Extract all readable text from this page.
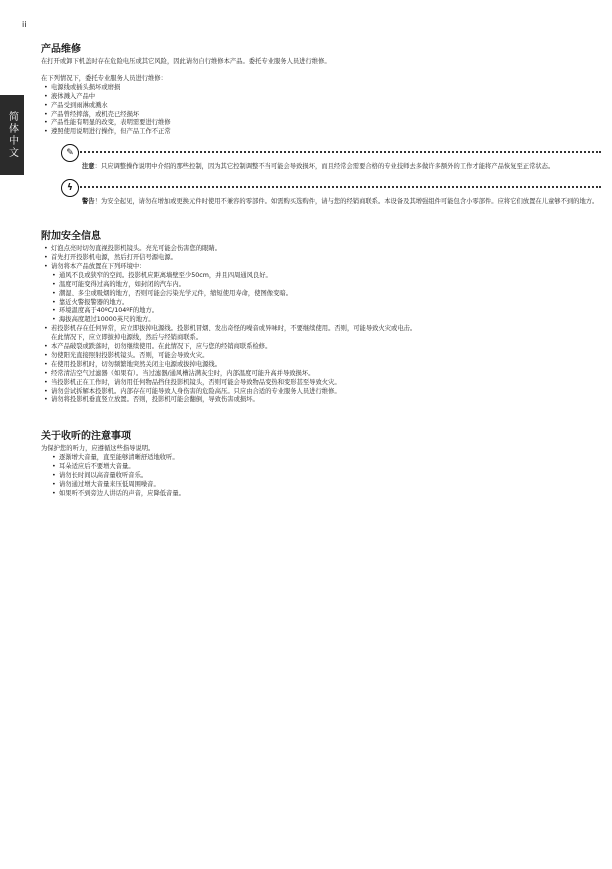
ii
简体中文
产品维修

在打开或卸下机盖时存在危险电压或其它风险，因此请勿自行维修本产品。委托专业服务人员进行维修。

在下列情况下，委托专业服务人员进行维修：

• 电源线或插头损坏或磨损
• 液体溅入产品中
• 产品受到雨淋或溅水
• 产品曾经摔落，或机壳已经损坏
• 产品性能有明显的改变，表明需要进行维修
• 遵照使用说明进行操作，但产品工作不正常
✎

注意：只应调整操作说明中介绍的那些控制，因为其它控制调整不当可能会导致损坏，而且经常会需要合格的专业技师去多做许多额外的工作才能将产品恢复至正常状态。

ϟ

警告！为安全起见，请勿在增加或更换元件时使用不兼容的零部件。如需购买选购件，请与您的经销商联系。本设备及其增强组件可能包含小零部件。应将它们放置在儿童够不到的地方。

附加安全信息
• 灯泡点亮时切勿直视投影机镜头。亮光可能会伤害您的眼睛。
• 首先打开投影机电源，然后打开信号源电源。
• 请勿将本产品放置在下列环境中：
• 通风不良或狭窄的空间。投影机应距离墙壁至少50cm，并且四周通风良好。
• 温度可能变得过高的地方，如封闭的汽车内。
• 潮湿、多尘或吸烟的地方，否则可能会污染光学元件，缩短使用寿命，使图像变暗。
• 靠近火警报警器的地方。
• 环境温度高于40ºC/104ºF的地方。
• 海拔高度超过10000英尺的地方。
• 若投影机存在任何异常，应立即拔掉电源线。投影机冒烟、发出奇怪的噪音或异味时，不要继续使用。否则，可能导致火灾或电击。
在此情况下，应立即拔掉电源线，然后与经销商联系。
• 本产品破裂或跌落时，切勿继续使用。在此情况下，应与您的经销商联系检修。
• 勿使阳光直接照射投影机镜头。否则，可能会导致火灾。
• 在使用投影机时，切勿频繁地突然关闭主电源或拔掉电源线。
• 经常清洁空气过滤器（如果有）。当过滤器/通风槽沾满灰尘时，内部温度可能升高并导致损坏。
• 当投影机正在工作时，请勿用任何物品挡住投影机镜头，否则可能会导致物品变热和变形甚至导致火灾。
• 请勿尝试拆解本投影机。内部存在可能导致人身伤害的危险高压。只应由合适的专业服务人员进行维修。
• 请勿将投影机垂直竖立放置。否则，投影机可能会翻倒，导致伤害或损坏。
关于收听的注意事项

为保护您的听力，应遵循这些指导说明。

• 逐渐增大音量，直至能够清晰舒适地收听。
• 耳朵适应后不要增大音量。
• 请勿长时间以高音量收听音乐。
• 请勿通过增大音量来压低周围噪音。
• 如果听不到旁边人讲话的声音，应降低音量。
